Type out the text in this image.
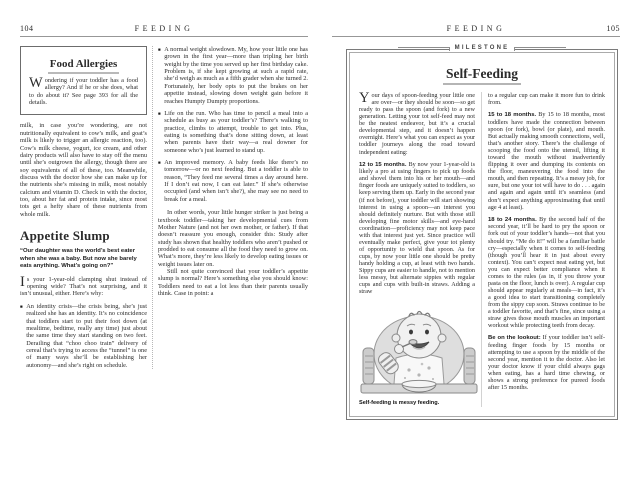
104	FEEDING
Food Allergies

Wondering if your toddler has a food allergy? And if he or she does, what to do about it? See page 393 for all the details.

milk, in case you’re wondering, are not nutritionally equivalent to cow’s milk, and goat’s milk is likely to trigger an allergic reaction, too). Cow’s milk cheese, yogurt, ice cream, and other dairy products will also have to stay off the menu until she’s outgrown the allergy, though there are soy equivalents of all of these, too. Meanwhile, discuss with the doctor how she can make up for the nutrients she’s missing in milk, most notably calcium and vitamin D. Check in with the doctor, too, about her fat and protein intake, since most tots get a hefty share of these nutrients from whole milk.

Appetite Slump

“Our daughter was the world’s best eater when she was a baby. But now she barely eats anything. What’s going on?”

Is your 1-year-old clamping shut instead of opening wide? That’s not surprising, and it isn’t unusual, either. Here’s why:

■ An identity crisis—the crisis being, she’s just realized she has an identity. It’s no coincidence that toddlers start to put their foot down (at mealtime, bedtime, really any time) just about the same time they start standing on two feet. Derailing that “choo choo train” delivery of cereal that’s trying to access the “tunnel” is one of many ways she’ll be establishing her autonomy—and she’s right on schedule.

■ A normal weight slowdown. My, how your little one has grown in the first year—more than tripling her birth weight by the time you served up her first birthday cake. Problem is, if she kept growing at such a rapid rate, she’d weigh as much as a fifth grader when she turned 2. Fortunately, her body opts to put the brakes on her appetite instead, slowing down weight gain before it reaches Humpty Dumpty proportions.

■ Life on the run. Who has time to pencil a meal into a schedule as busy as your toddler’s? There’s walking to practice, climbs to attempt, trouble to get into. Plus, eating is something that’s done sitting down, at least when parents have their way—a real downer for someone who’s just learned to stand up.

■ An improved memory. A baby feeds like there’s no tomorrow—or no next feeding. But a toddler is able to reason, “They feed me several times a day around here. If I don’t eat now, I can eat later.” If she’s otherwise occupied (and when isn’t she?), she may see no need to break for a meal.

In other words, your little hunger striker is just being a textbook toddler—taking her developmental cues from Mother Nature (and not her own mother, or father). If that doesn’t reassure you enough, consider this: Study after study has shown that healthy toddlers who aren’t pushed or prodded to eat consume all the food they need to grow on. What’s more, they’re less likely to develop eating issues or weight issues later on.

Still not quite convinced that your toddler’s appetite slump is normal? Here’s something else you should know: Toddlers need to eat a lot less than their parents usually think. Case in point: a

FEEDING	105
MILESTONE
Self-Feeding

Your days of spoon-feeding your little one are over—or they should be soon—so get ready to pass the spoon (and fork) to a new generation. Letting your tot self-feed may not be the neatest endeavor, but it’s a crucial developmental step, and it doesn’t happen overnight. Here’s what you can expect as your toddler journeys along the road toward independent eating:

12 to 15 months. By now your 1-year-old is likely a pro at using fingers to pick up foods and shovel them into his or her mouth—and finger foods are uniquely suited to toddlers, so keep serving them up. Early in the second year (if not before), your toddler will start showing interest in using a spoon—an interest you should definitely nurture. But with those still developing fine motor skills—and eye-hand coordination—proficiency may not keep pace with that interest just yet. Since practice will eventually make perfect, give your tot plenty of opportunity to wield that spoon. As for cups, by now your little one should be pretty handy holding a cup, at least with two hands. Sippy cups are easier to handle, not to mention less messy, but alternate sippies with regular cups and cups with built-in straws. Adding a straw

Self-feeding is messy feeding.

to a regular cup can make it more fun to drink from.

15 to 18 months. By 15 to 18 months, most toddlers have made the connection between spoon (or fork), bowl (or plate), and mouth. But actually making smooth connections, well, that’s another story. There’s the challenge of scooping the food onto the utensil, lifting it toward the mouth without inadvertently flipping it over and dumping its contents on the floor, maneuvering the food into the mouth, and then repeating. It’s a messy job, for sure, but one your tot will have to do . . . again and again and again until it’s seamless (and don’t expect anything approximating that until age 4 at least).

18 to 24 months. By the second half of the second year, it’ll be hard to pry the spoon or fork out of your toddler’s hands—not that you should try. “Me do it!” will be a familiar battle cry—especially when it comes to self-feeding (though you’ll hear it in just about every context). You can’t expect neat eating yet, but you can expect better compliance when it comes to the rules (as in, if you throw your pasta on the floor, lunch is over). A regular cup should appear regularly at meals—in fact, it’s a good idea to start transitioning completely from the sippy cup soon. Straws continue to be a toddler favorite, and that’s fine, since using a straw gives those mouth muscles an important workout while protecting teeth from decay.

Be on the lookout: If your toddler isn’t self-feeding finger foods by 15 months or attempting to use a spoon by the middle of the second year, mention it to the doctor. Also let your doctor know if your child always gags when eating, has a hard time chewing, or shows a strong preference for pureed foods after 15 months.
